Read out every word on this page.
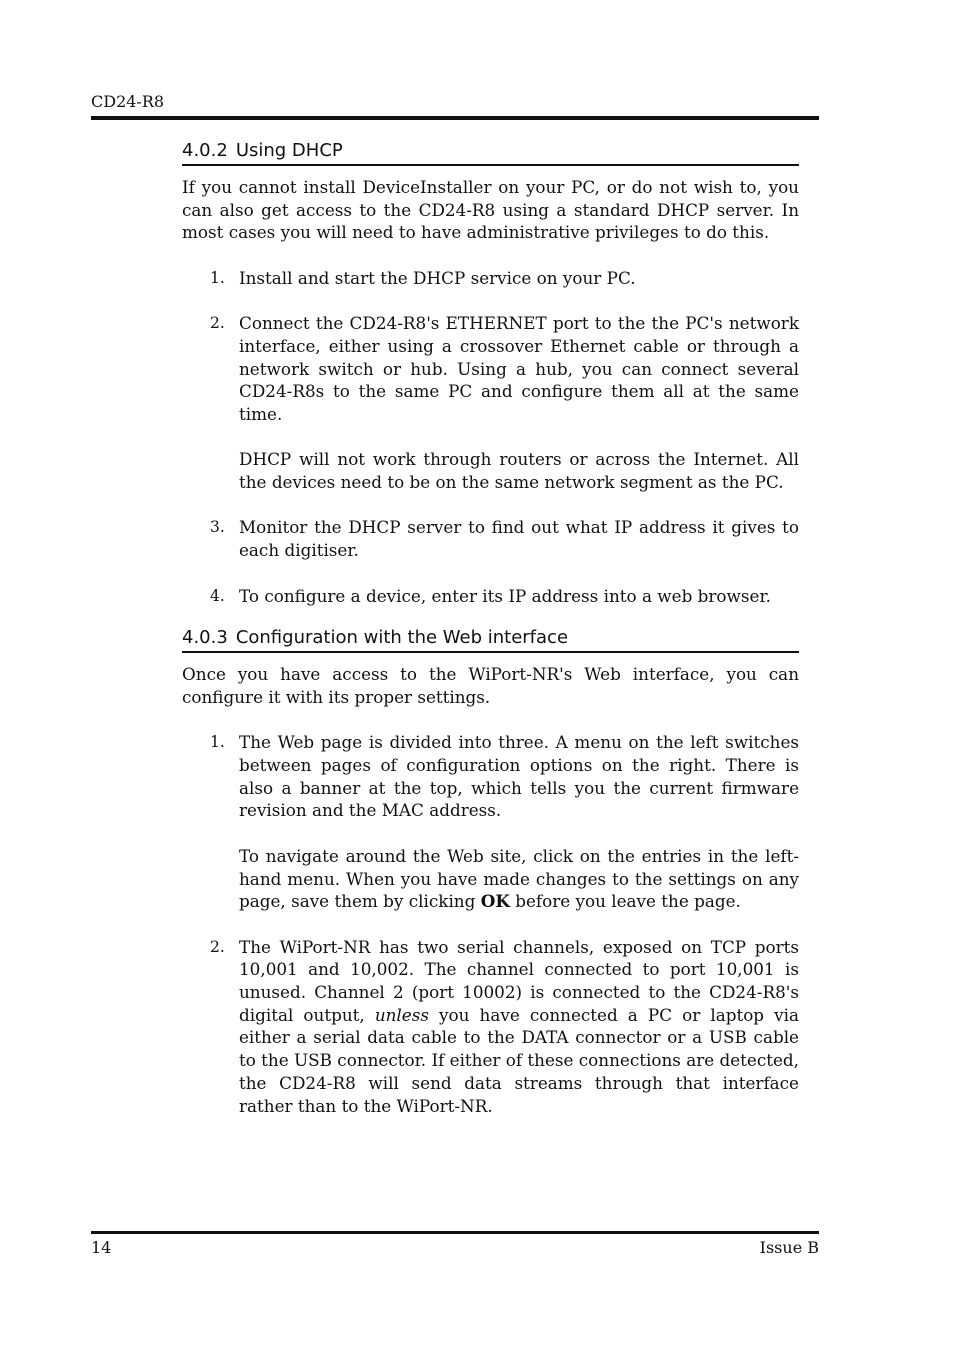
CD24-R8
4.0.2 Using DHCP

If you cannot install DeviceInstaller on your PC, or do not wish to, you can also get access to the CD24-R8 using a standard DHCP server. In most cases you will need to have administrative privileges to do this.

1. Install and start the DHCP service on your PC.

2. Connect the CD24-R8's ETHERNET port to the the PC's network interface, either using a crossover Ethernet cable or through a network switch or hub. Using a hub, you can connect several CD24-R8s to the same PC and configure them all at the same time.

DHCP will not work through routers or across the Internet. All the devices need to be on the same network segment as the PC.

3. Monitor the DHCP server to find out what IP address it gives to each digitiser.

4. To configure a device, enter its IP address into a web browser.

4.0.3 Configuration with the Web interface

Once you have access to the WiPort-NR's Web interface, you can configure it with its proper settings.

1. The Web page is divided into three. A menu on the left switches between pages of configuration options on the right. There is also a banner at the top, which tells you the current firmware revision and the MAC address.

To navigate around the Web site, click on the entries in the left-hand menu. When you have made changes to the settings on any page, save them by clicking OK before you leave the page.

2. The WiPort-NR has two serial channels, exposed on TCP ports 10,001 and 10,002. The channel connected to port 10,001 is unused. Channel 2 (port 10002) is connected to the CD24-R8's digital output, unless you have connected a PC or laptop via either a serial data cable to the DATA connector or a USB cable to the USB connector. If either of these connections are detected, the CD24-R8 will send data streams through that interface rather than to the WiPort-NR.

14	Issue B
